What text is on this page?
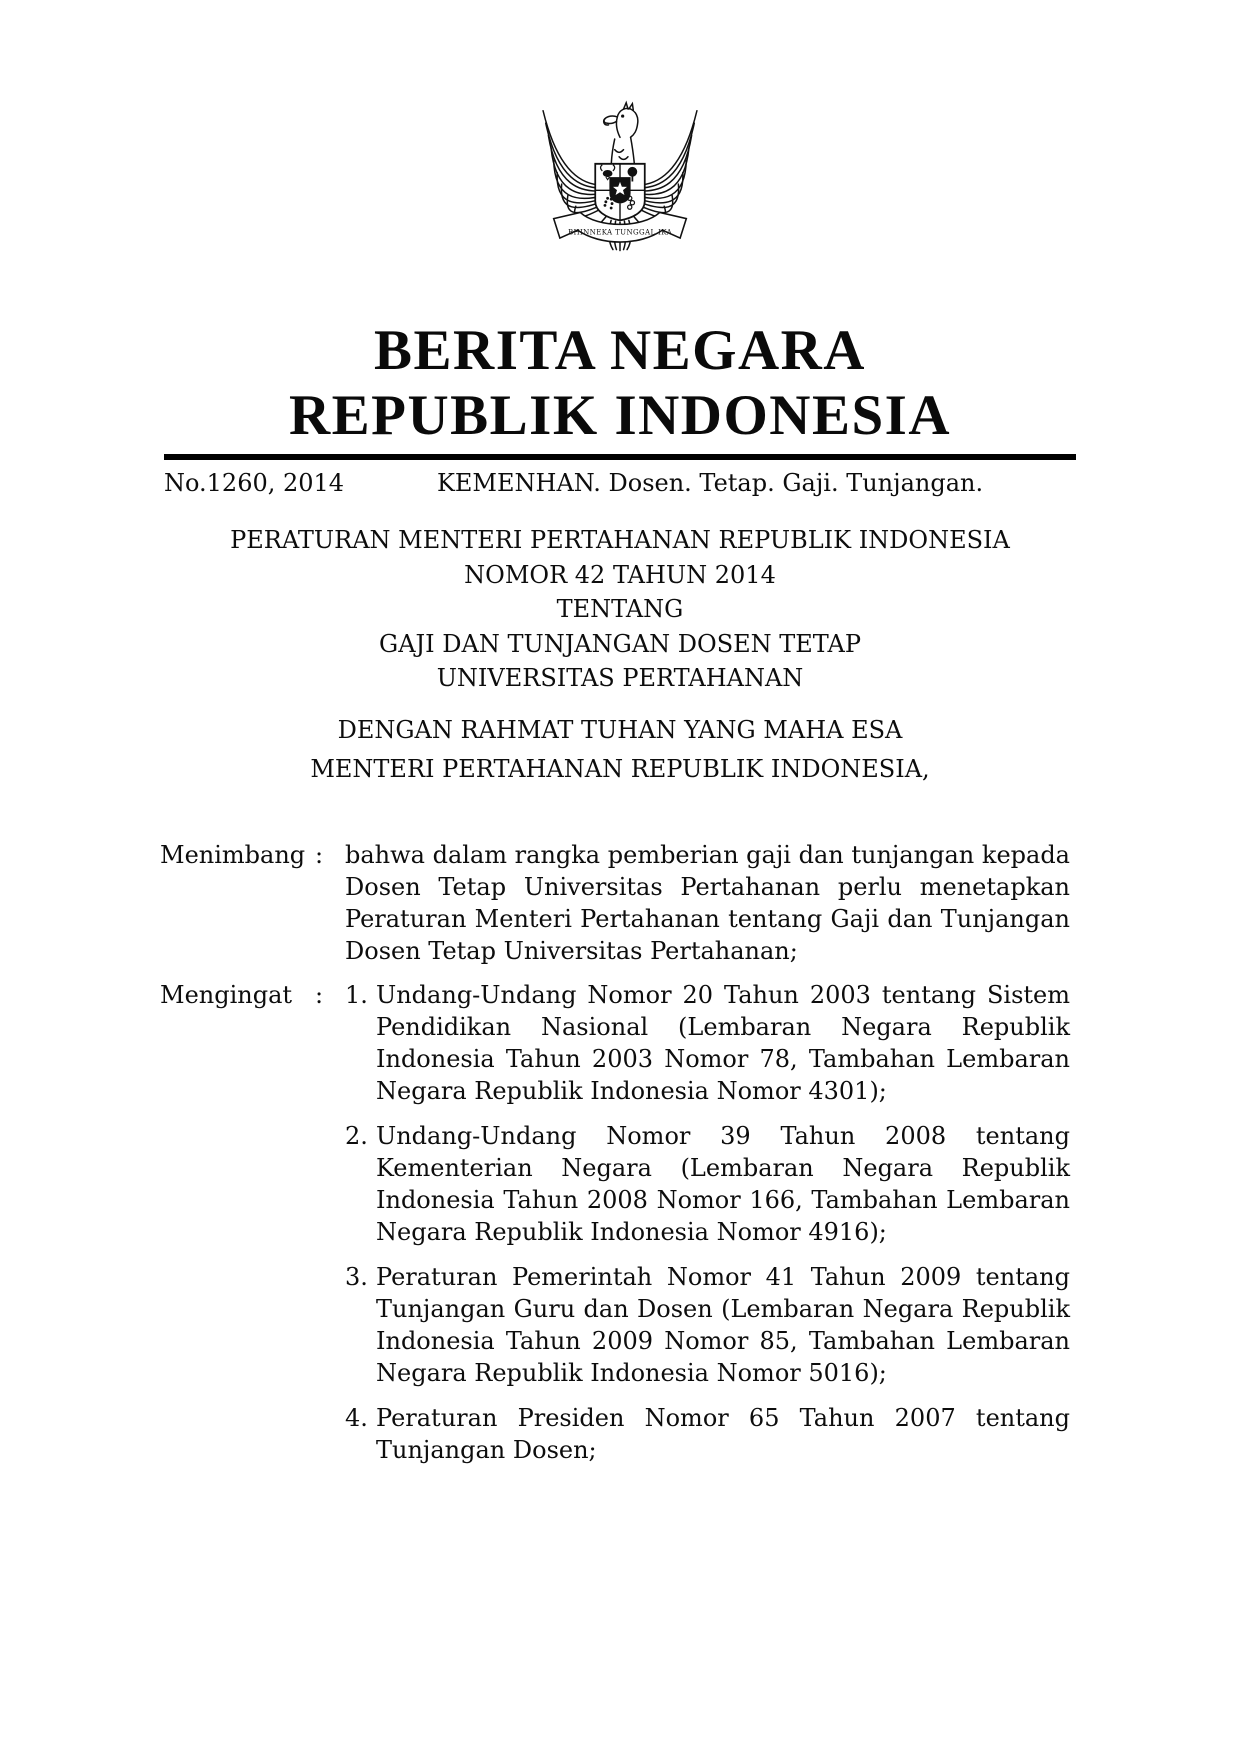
BHINNEKA TUNGGAL IKA
BERITA NEGARA
REPUBLIK INDONESIA
No.1260, 2014	KEMENHAN. Dosen. Tetap. Gaji. Tunjangan.
PERATURAN MENTERI PERTAHANAN REPUBLIK INDONESIA
NOMOR 42 TAHUN 2014
TENTANG
GAJI DAN TUNJANGAN DOSEN TETAP
UNIVERSITAS PERTAHANAN
DENGAN RAHMAT TUHAN YANG MAHA ESA
MENTERI PERTAHANAN REPUBLIK INDONESIA,
Menimbang : bahwa dalam rangka pemberian gaji dan tunjangan kepada Dosen Tetap Universitas Pertahanan perlu menetapkan Peraturan Menteri Pertahanan tentang Gaji dan Tunjangan Dosen Tetap Universitas Pertahanan;

Mengingat : 1. Undang-Undang Nomor 20 Tahun 2003 tentang Sistem Pendidikan Nasional (Lembaran Negara Republik Indonesia Tahun 2003 Nomor 78, Tambahan Lembaran Negara Republik Indonesia Nomor 4301);
2. Undang-Undang Nomor 39 Tahun 2008 tentang Kementerian Negara (Lembaran Negara Republik Indonesia Tahun 2008 Nomor 166, Tambahan Lembaran Negara Republik Indonesia Nomor 4916);
3. Peraturan Pemerintah Nomor 41 Tahun 2009 tentang Tunjangan Guru dan Dosen (Lembaran Negara Republik Indonesia Tahun 2009 Nomor 85, Tambahan Lembaran Negara Republik Indonesia Nomor 5016);
4. Peraturan Presiden Nomor 65 Tahun 2007 tentang Tunjangan Dosen;
